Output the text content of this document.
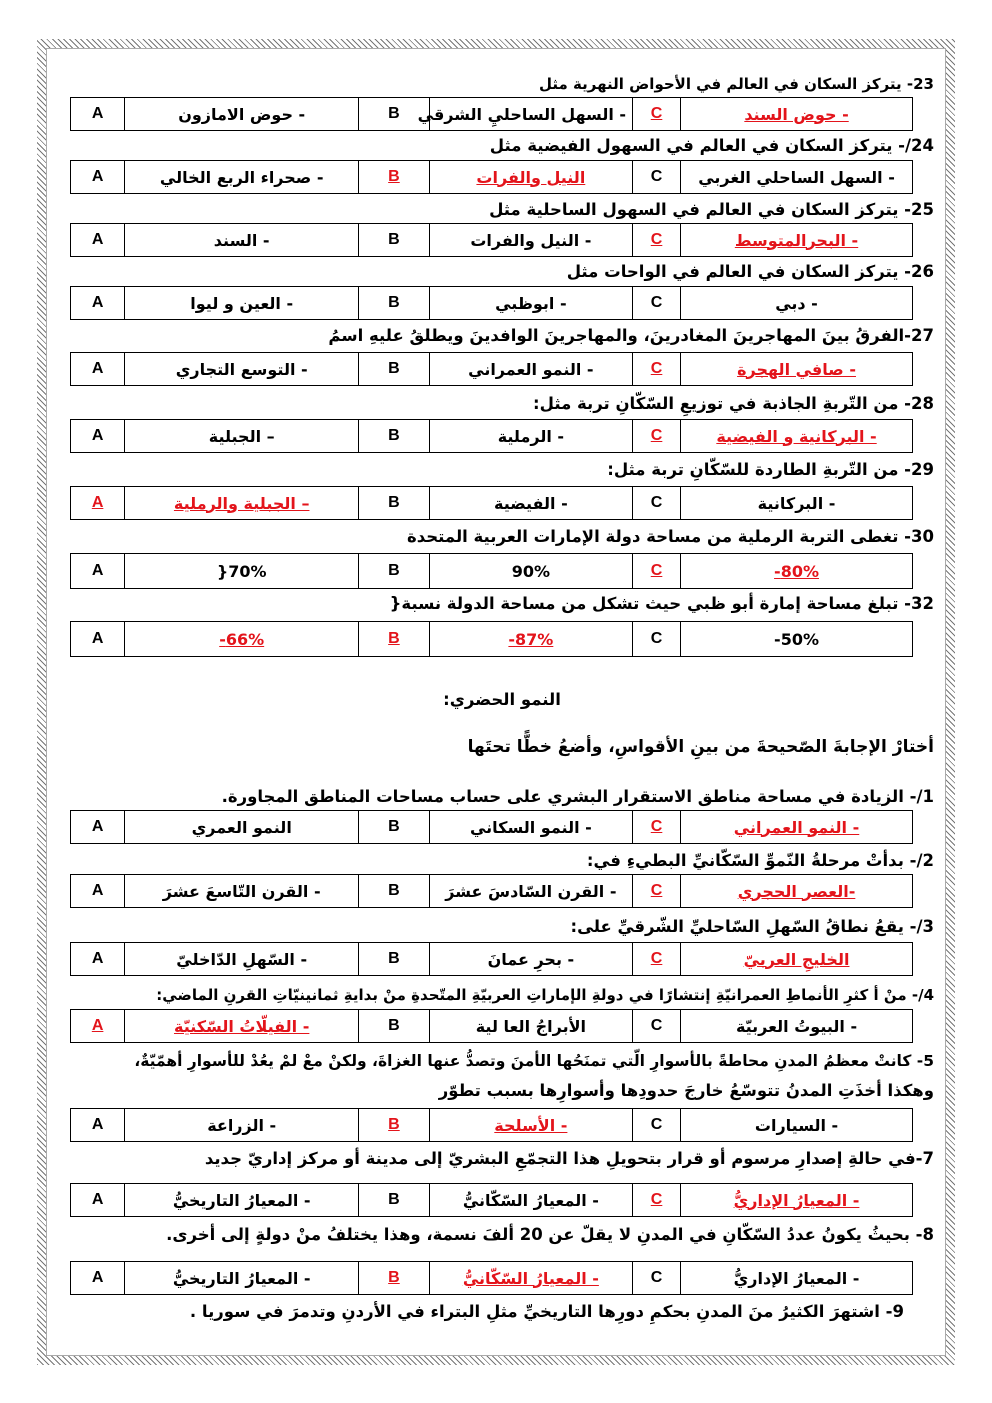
23- يتركز السكان في العالم في الأحواض النهرية مثل
- حوض السند	C	- السهل الساحليِ الشرقي	B	- حوض الامازون	A
24/- يتركز السكان في العالم في السهول الفيضية مثل
- السهل الساحلي الغربي	C	النيل والفرات	B	- صحراء الربع الخالي	A
25- يتركز السكان في العالم في السهول الساحلية مثل
- البحرالمتوسط	C	- النيل والفرات	B	- السند	A
26- يتركز السكان في العالم في الواحات مثل
- دبي	C	- ابوظبي	B	- العين و ليوا	A
27-الفرقُ بينَ المهاجرينَ المغادرينَ، والمهاجرينَ الوافدينَ ويطلقُ عليهِ اسمُ
- صافي الهجرة	C	- النمو العمراني	B	- التوسع التجاري	A
28- من التّربةِ الجاذبة في توزيعِ السّكّانِ تربة مثل:
- البركانية و الفيضية	C	- الرملية	B	– الجبلية	A
29- من التّربةِ الطاردة للسّكّانِ تربة مثل:
- البركانية	C	- الفيضية	B	– الجبلية والرملية	A
30- تغطى التربة الرملية من مساحة دولة الإمارات العربية المتحدة
80%-	C	90%	B	70%{	A
32- تبلغ مساحة إمارة أبو ظبي حيث تشكل من مساحة الدولة نسبة{
50%-	C	87%-	B	66%-	A
النمو الحضري:
أختارْ الإجابةَ الصّحيحةَ من بينِ الأقواسِ، وأضعُ خطًّا تحتَها
1/- الزيادة في مساحة مناطق الاستقرار البشري على حساب مساحات المناطق المجاورة.
- النمو العمراني	C	- النمو السكاني	B	النمو العمري	A
2/- بدأتْ مرحلةُ النّموِّ السّكّانيِّ البطيءِ في:
-العصر الحجري	C	- القرن السّادسَ عشرَ	B	- القرن التّاسعَ عشرَ	A
3/- يقعُ نطاقُ السّهلِ السّاحليِّ الشّرقيِّ على:
الخليجِ العربيّ	C	- بحرِ عمانَ	B	- السّهلِ الدّاخليّ	A
4/- منْ أ كثرِ الأنماطِ العمرانيّةِ إنتشارًا في دولةِ الإماراتِ العربيّةِ المتّحدةِ منْ بدايةِ ثمانينيّاتِ القرنِ الماضي:
- البيوتُ العربيّة	C	الأبراجُ العا لية	B	- الفيلّاتُ السّكنيّة	A
5- كانتْ معظمُ المدنِ محاطةً بالأسوارِ الّتي تمنَحُها الأمنَ وتصدُّ عنها الغزاةَ، ولكنْ معْ لمْ يعُدْ للأسوارِ أهمّيّةٌ،
وهكذا أخذَتِ المدنُ تتوسّعُ خارجَ حدودِها وأسوارِها بسبب تطوّر
- السيارات	C	- الأسلحة	B	- الزراعة	A
7-في حالةِ إصدارِ مرسوم أو قرار بتحويلِ هذا التجمّعِ البشريّ إلى مدينة أو مركز إداريّ جديد
- المعيارُ الإداريُّ	C	- المعيارُ السّكّانيُّ	B	- المعيارُ التاريخيُّ	A
8- بحيثُ يكونُ عددُ السّكّانِ في المدنِ لا يقلّ عن 20 ألفَ نسمة، وهذا يختلفُ منْ دولةٍ إلى أخرى.
- المعيارُ الإداريُّ	C	- المعيارُ السّكّانيُّ	B	- المعيارُ التاريخيُّ	A
9- اشتهرَ الكثيرُ منَ المدنِ بحكمِ دورِها التاريخيِّ مثلِ البتراء في الأردنِ وتدمرَ في سوريا .
